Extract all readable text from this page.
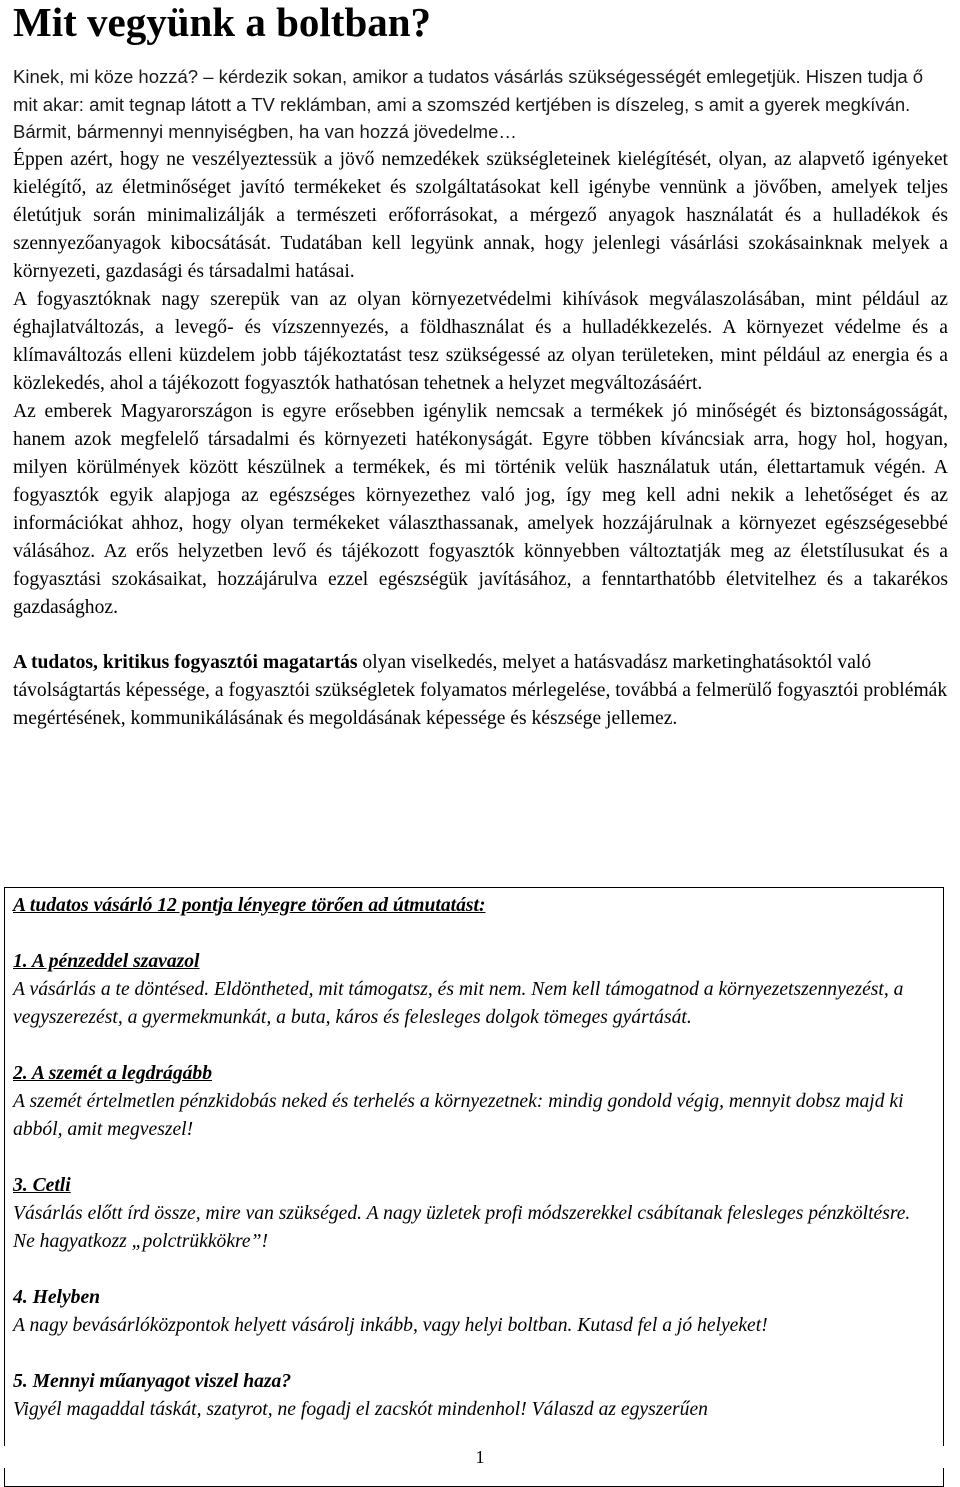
Mit vegyünk a boltban?

Kinek, mi köze hozzá? – kérdezik sokan, amikor a tudatos vásárlás szükségességét emlegetjük. Hiszen tudja ő mit akar: amit tegnap látott a TV reklámban, ami a szomszéd kertjében is díszeleg, s amit a gyerek megkíván. Bármit, bármennyi mennyiségben, ha van hozzá jövedelme…

Éppen azért, hogy ne veszélyeztessük a jövő nemzedékek szükségleteinek kielégítését, olyan, az alapvető igényeket kielégítő, az életminőséget javító termékeket és szolgáltatásokat kell igénybe vennünk a jövőben, amelyek teljes életútjuk során minimalizálják a természeti erőforrásokat, a mérgező anyagok használatát és a hulladékok és szennyezőanyagok kibocsátását. Tudatában kell legyünk annak, hogy jelenlegi vásárlási szokásainknak melyek a környezeti, gazdasági és társadalmi hatásai.

A fogyasztóknak nagy szerepük van az olyan környezetvédelmi kihívások megválaszolásában, mint például az éghajlatváltozás, a levegő- és vízszennyezés, a földhasználat és a hulladékkezelés. A környezet védelme és a klímaváltozás elleni küzdelem jobb tájékoztatást tesz szükségessé az olyan területeken, mint például az energia és a közlekedés, ahol a tájékozott fogyasztók hathatósan tehetnek a helyzet megváltozásáért.

Az emberek Magyarországon is egyre erősebben igénylik nemcsak a termékek jó minőségét és biztonságosságát, hanem azok megfelelő társadalmi és környezeti hatékonyságát. Egyre többen kíváncsiak arra, hogy hol, hogyan, milyen körülmények között készülnek a termékek, és mi történik velük használatuk után, élettartamuk végén. A fogyasztók egyik alapjoga az egészséges környezethez való jog, így meg kell adni nekik a lehetőséget és az információkat ahhoz, hogy olyan termékeket választhassanak, amelyek hozzájárulnak a környezet egészségesebbé válásához. Az erős helyzetben levő és tájékozott fogyasztók könnyebben változtatják meg az életstílusukat és a fogyasztási szokásaikat, hozzájárulva ezzel egészségük javításához, a fenntarthatóbb életvitelhez és a takarékos gazdasághoz.

A tudatos, kritikus fogyasztói magatartás olyan viselkedés, melyet a hatásvadász marketinghatásoktól való távolságtartás képessége, a fogyasztói szükségletek folyamatos mérlegelése, továbbá a felmerülő fogyasztói problémák megértésének, kommunikálásának és megoldásának képessége és készsége jellemez.

A tudatos vásárló 12 pontja lényegre törően ad útmutatást:

1. A pénzeddel szavazol

A vásárlás a te döntésed. Eldöntheted, mit támogatsz, és mit nem. Nem kell támogatnod a környezetszennyezést, a vegyszerezést, a gyermekmunkát, a buta, káros és felesleges dolgok tömeges gyártását.

2. A szemét a legdrágább

A szemét értelmetlen pénzkidobás neked és terhelés a környezetnek: mindig gondold végig, mennyit dobsz majd ki abból, amit megveszel!

3. Cetli

Vásárlás előtt írd össze, mire van szükséged. A nagy üzletek profi módszerekkel csábítanak felesleges pénzköltésre. Ne hagyatkozz „polctrükkökre”!

4. Helyben

A nagy bevásárlóközpontok helyett vásárolj inkább, vagy helyi boltban. Kutasd fel a jó helyeket!

5. Mennyi műanyagot viszel haza?

Vigyél magaddal táskát, szatyrot, ne fogadj el zacskót mindenhol! Válaszd az egyszerűen

1
